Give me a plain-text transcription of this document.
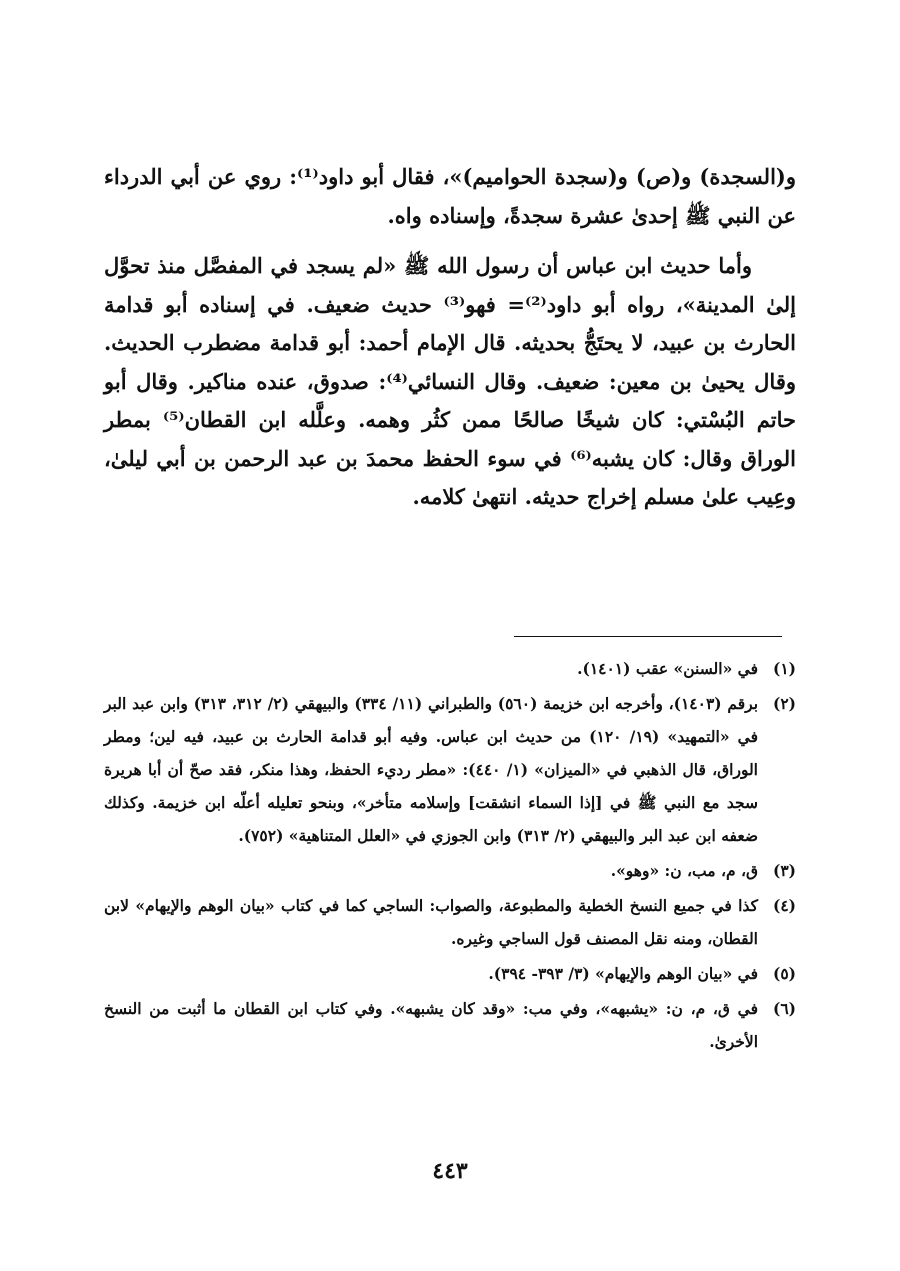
و(السجدة) و(ص) و(سجدة الحواميم)»، فقال أبو داود⁽¹⁾: روي عن أبي الدرداء عن النبي ﷺ إحدىٰ عشرة سجدةً، وإسناده واه.

وأما حديث ابن عباس أن رسول الله ﷺ «لم يسجد في المفصَّل منذ تحوَّل إلىٰ المدينة»، رواه أبو داود⁽²⁾= فهو⁽³⁾ حديث ضعيف. في إسناده أبو قدامة الحارث بن عبيد، لا يحتَجُّ بحديثه. قال الإمام أحمد: أبو قدامة مضطرب الحديث. وقال يحيىٰ بن معين: ضعيف. وقال النسائي⁽⁴⁾: صدوق، عنده مناكير. وقال أبو حاتم البُسْتي: كان شيخًا صالحًا ممن كثُر وهمه. وعلَّله ابن القطان⁽⁵⁾ بمطر الوراق وقال: كان يشبه⁽⁶⁾ في سوء الحفظ محمدَ بن عبد الرحمن بن أبي ليلىٰ، وعِيب علىٰ مسلم إخراج حديثه. انتهىٰ كلامه.

(١)
في «السنن» عقب (١٤٠١).
(٢)
برقم (١٤٠٣)، وأخرجه ابن خزيمة (٥٦٠) والطبراني (١١/ ٣٣٤) والبيهقي (٢/ ٣١٢، ٣١٣) وابن عبد البر في «التمهيد» (١٩/ ١٢٠) من حديث ابن عباس. وفيه أبو قدامة الحارث بن عبيد، فيه لين؛ ومطر الوراق، قال الذهبي في «الميزان» (١/ ٤٤٠): «مطر رديء الحفظ، وهذا منكر، فقد صحّ أن أبا هريرة سجد مع النبي ﷺ في [إذا السماء انشقت] وإسلامه متأخر»، وبنحو تعليله أعلّه ابن خزيمة. وكذلك ضعفه ابن عبد البر والبيهقي (٢/ ٣١٣) وابن الجوزي في «العلل المتناهية» (٧٥٢).
(٣)
ق، م، مب، ن: «وهو».
(٤)
كذا في جميع النسخ الخطية والمطبوعة، والصواب: الساجي كما في كتاب «بيان الوهم والإيهام» لابن القطان، ومنه نقل المصنف قول الساجي وغيره.
(٥)
في «بيان الوهم والإيهام» (٣/ ٣٩٣- ٣٩٤).
(٦)
في ق، م، ن: «يشبهه»، وفي مب: «وقد كان يشبهه». وفي كتاب ابن القطان ما أثبت من النسخ الأخرىٰ.
٤٤٣
